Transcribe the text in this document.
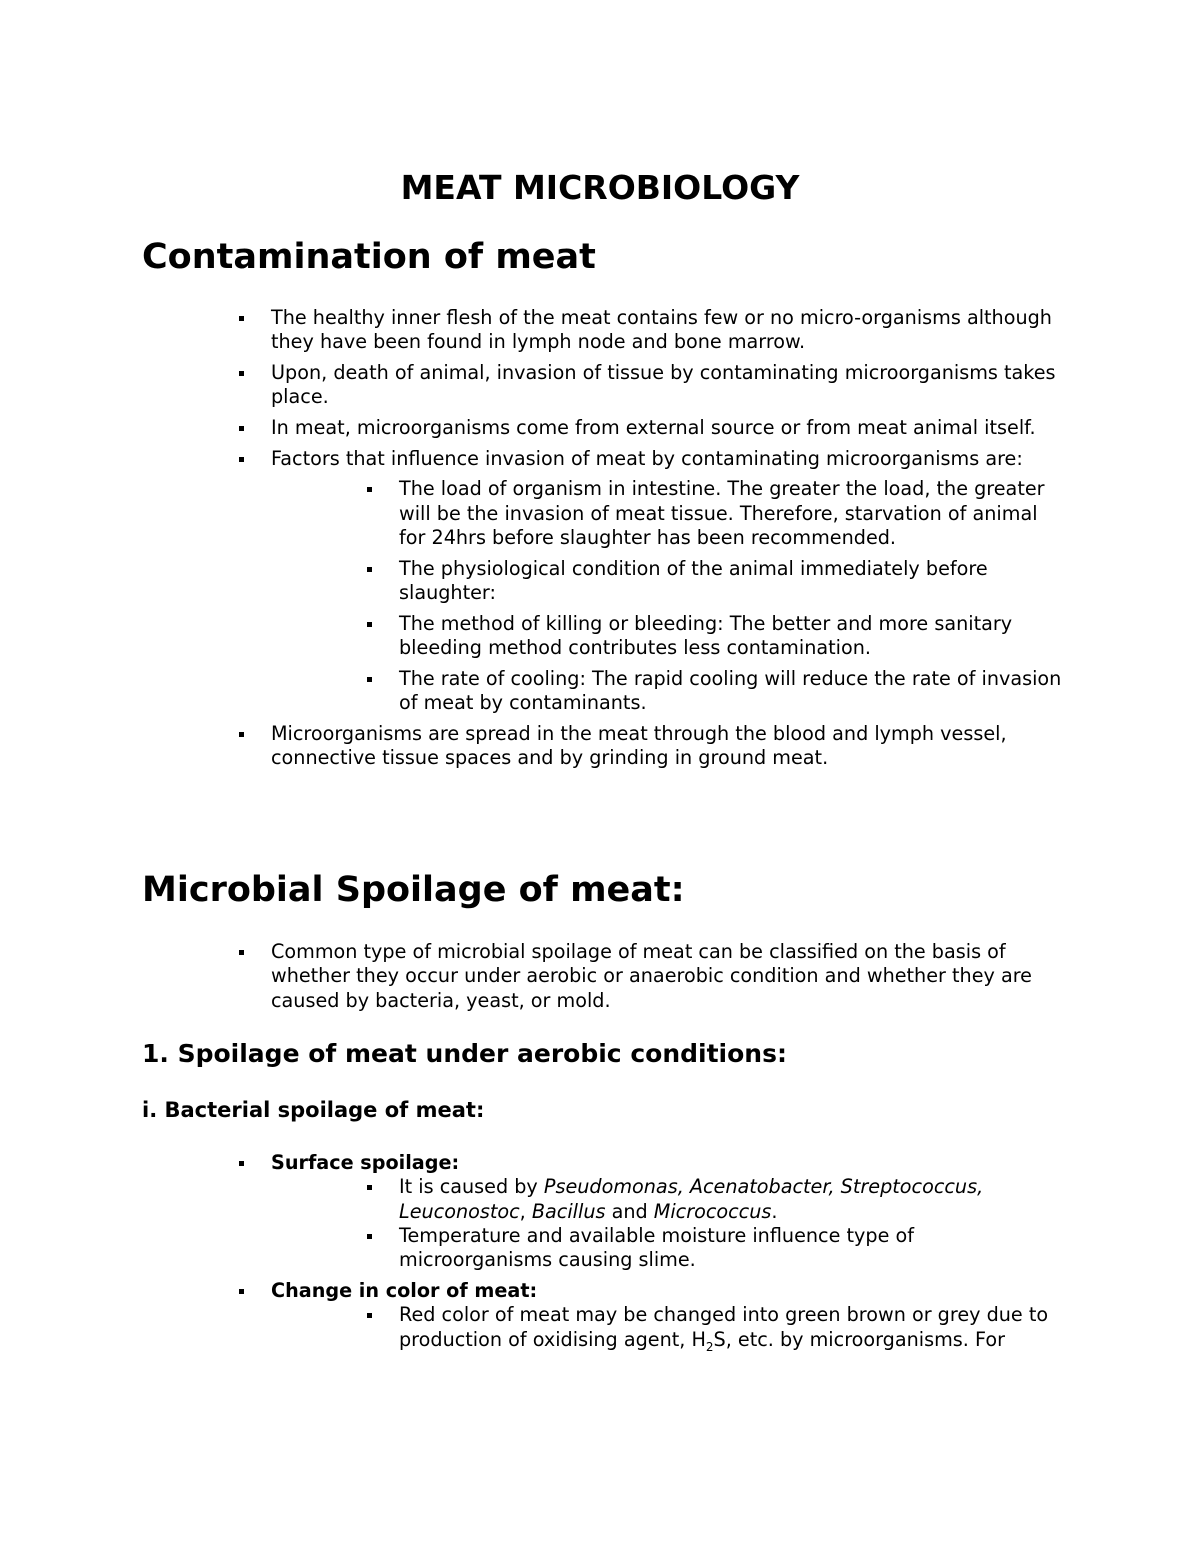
MEAT MICROBIOLOGY
Contamination of meat
The healthy inner flesh of the meat contains few or no micro-organisms although they have been found in lymph node and bone marrow.
Upon, death of animal, invasion of tissue by contaminating microorganisms takes place.
In meat, microorganisms come from external source or from meat animal itself.
Factors that influence invasion of meat by contaminating microorganisms are:
The load of organism in intestine. The greater the load, the greater will be the invasion of meat tissue. Therefore, starvation of animal for 24hrs before slaughter has been recommended.
The physiological condition of the animal immediately before slaughter:
The method of killing or bleeding: The better and more sanitary bleeding method contributes less contamination.
The rate of cooling: The rapid cooling will reduce the rate of invasion of meat by contaminants.
Microorganisms are spread in the meat through the blood and lymph vessel, connective tissue spaces and by grinding in ground meat.
Microbial Spoilage of meat:
Common type of microbial spoilage of meat can be classified on the basis of whether they occur under aerobic or anaerobic condition and whether they are caused by bacteria, yeast, or mold.
1. Spoilage of meat under aerobic conditions:
i. Bacterial spoilage of meat:
Surface spoilage:
It is caused by Pseudomonas, Acenatobacter, Streptococcus, Leuconostoc, Bacillus and Micrococcus.
Temperature and available moisture influence type of microorganisms causing slime.
Change in color of meat:
Red color of meat may be changed into green brown or grey due to production of oxidising agent, $H_2S$, etc. by microorganisms. For
